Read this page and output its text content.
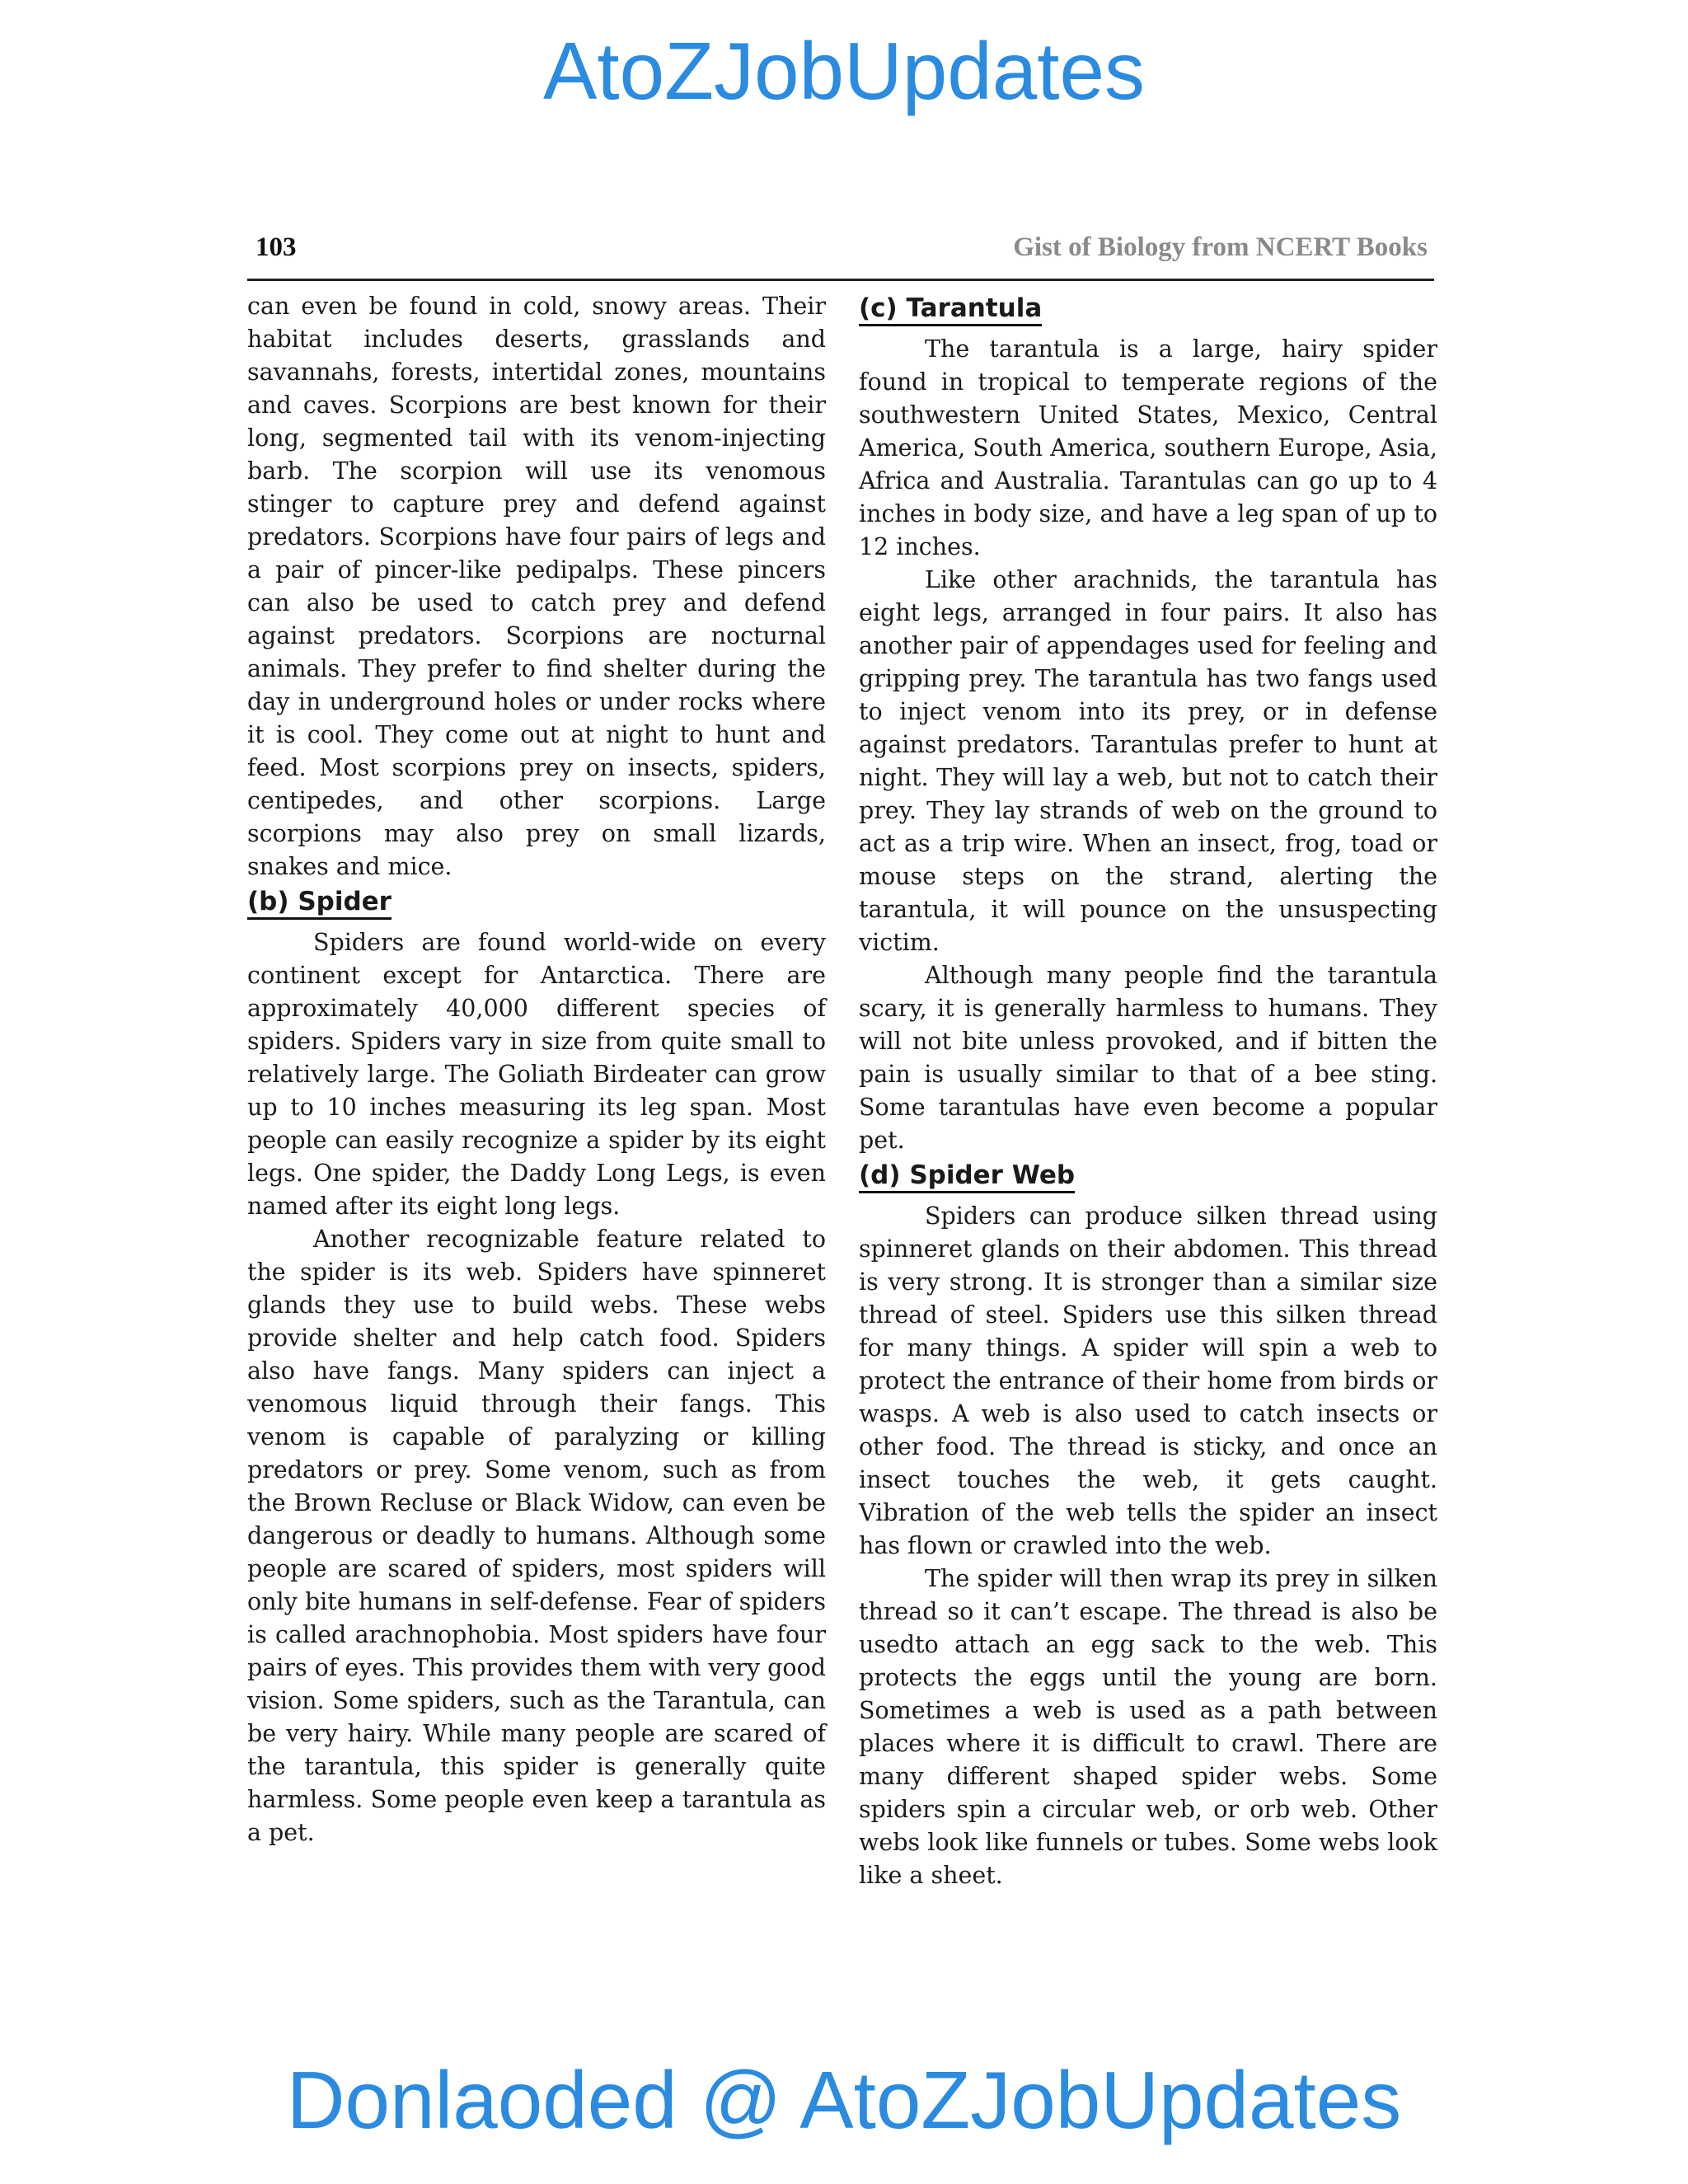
AtoZJobUpdates
103	Gist of Biology from NCERT Books

can even be found in cold, snowy areas. Their habitat includes deserts, grasslands and savannahs, forests, intertidal zones, mountains and caves. Scorpions are best known for their long, segmented tail with its venom-injecting barb. The scorpion will use its venomous stinger to capture prey and defend against predators. Scorpions have four pairs of legs and a pair of pincer-like pedipalps. These pincers can also be used to catch prey and defend against predators. Scorpions are nocturnal animals. They prefer to find shelter during the day in underground holes or under rocks where it is cool. They come out at night to hunt and feed. Most scorpions prey on insects, spiders, centipedes, and other scorpions. Large scorpions may also prey on small lizards, snakes and mice.

(b) Spider

Spiders are found world-wide on every continent except for Antarctica. There are approximately 40,000 different species of spiders. Spiders vary in size from quite small to relatively large. The Goliath Birdeater can grow up to 10 inches measuring its leg span. Most people can easily recognize a spider by its eight legs. One spider, the Daddy Long Legs, is even named after its eight long legs.

Another recognizable feature related to the spider is its web. Spiders have spinneret glands they use to build webs. These webs provide shelter and help catch food. Spiders also have fangs. Many spiders can inject a venomous liquid through their fangs. This venom is capable of paralyzing or killing predators or prey. Some venom, such as from the Brown Recluse or Black Widow, can even be dangerous or deadly to humans. Although some people are scared of spiders, most spiders will only bite humans in self-defense. Fear of spiders is called arachnophobia. Most spiders have four pairs of eyes. This provides them with very good vision. Some spiders, such as the Tarantula, can be very hairy. While many people are scared of the tarantula, this spider is generally quite harmless. Some people even keep a tarantula as a pet.

(c) Tarantula

The tarantula is a large, hairy spider found in tropical to temperate regions of the southwestern United States, Mexico, Central America, South America, southern Europe, Asia, Africa and Australia. Tarantulas can go up to 4 inches in body size, and have a leg span of up to 12 inches.

Like other arachnids, the tarantula has eight legs, arranged in four pairs. It also has another pair of appendages used for feeling and gripping prey. The tarantula has two fangs used to inject venom into its prey, or in defense against predators. Tarantulas prefer to hunt at night. They will lay a web, but not to catch their prey. They lay strands of web on the ground to act as a trip wire. When an insect, frog, toad or mouse steps on the strand, alerting the tarantula, it will pounce on the unsuspecting victim.

Although many people find the tarantula scary, it is generally harmless to humans. They will not bite unless provoked, and if bitten the pain is usually similar to that of a bee sting. Some tarantulas have even become a popular pet.

(d) Spider Web

Spiders can produce silken thread using spinneret glands on their abdomen. This thread is very strong. It is stronger than a similar size thread of steel. Spiders use this silken thread for many things. A spider will spin a web to protect the entrance of their home from birds or wasps. A web is also used to catch insects or other food. The thread is sticky, and once an insect touches the web, it gets caught. Vibration of the web tells the spider an insect has flown or crawled into the web.

The spider will then wrap its prey in silken thread so it can’t escape. The thread is also be usedto attach an egg sack to the web. This protects the eggs until the young are born. Sometimes a web is used as a path between places where it is difficult to crawl. There are many different shaped spider webs. Some spiders spin a circular web, or orb web. Other webs look like funnels or tubes. Some webs look like a sheet.

Donlaoded @ AtoZJobUpdates
